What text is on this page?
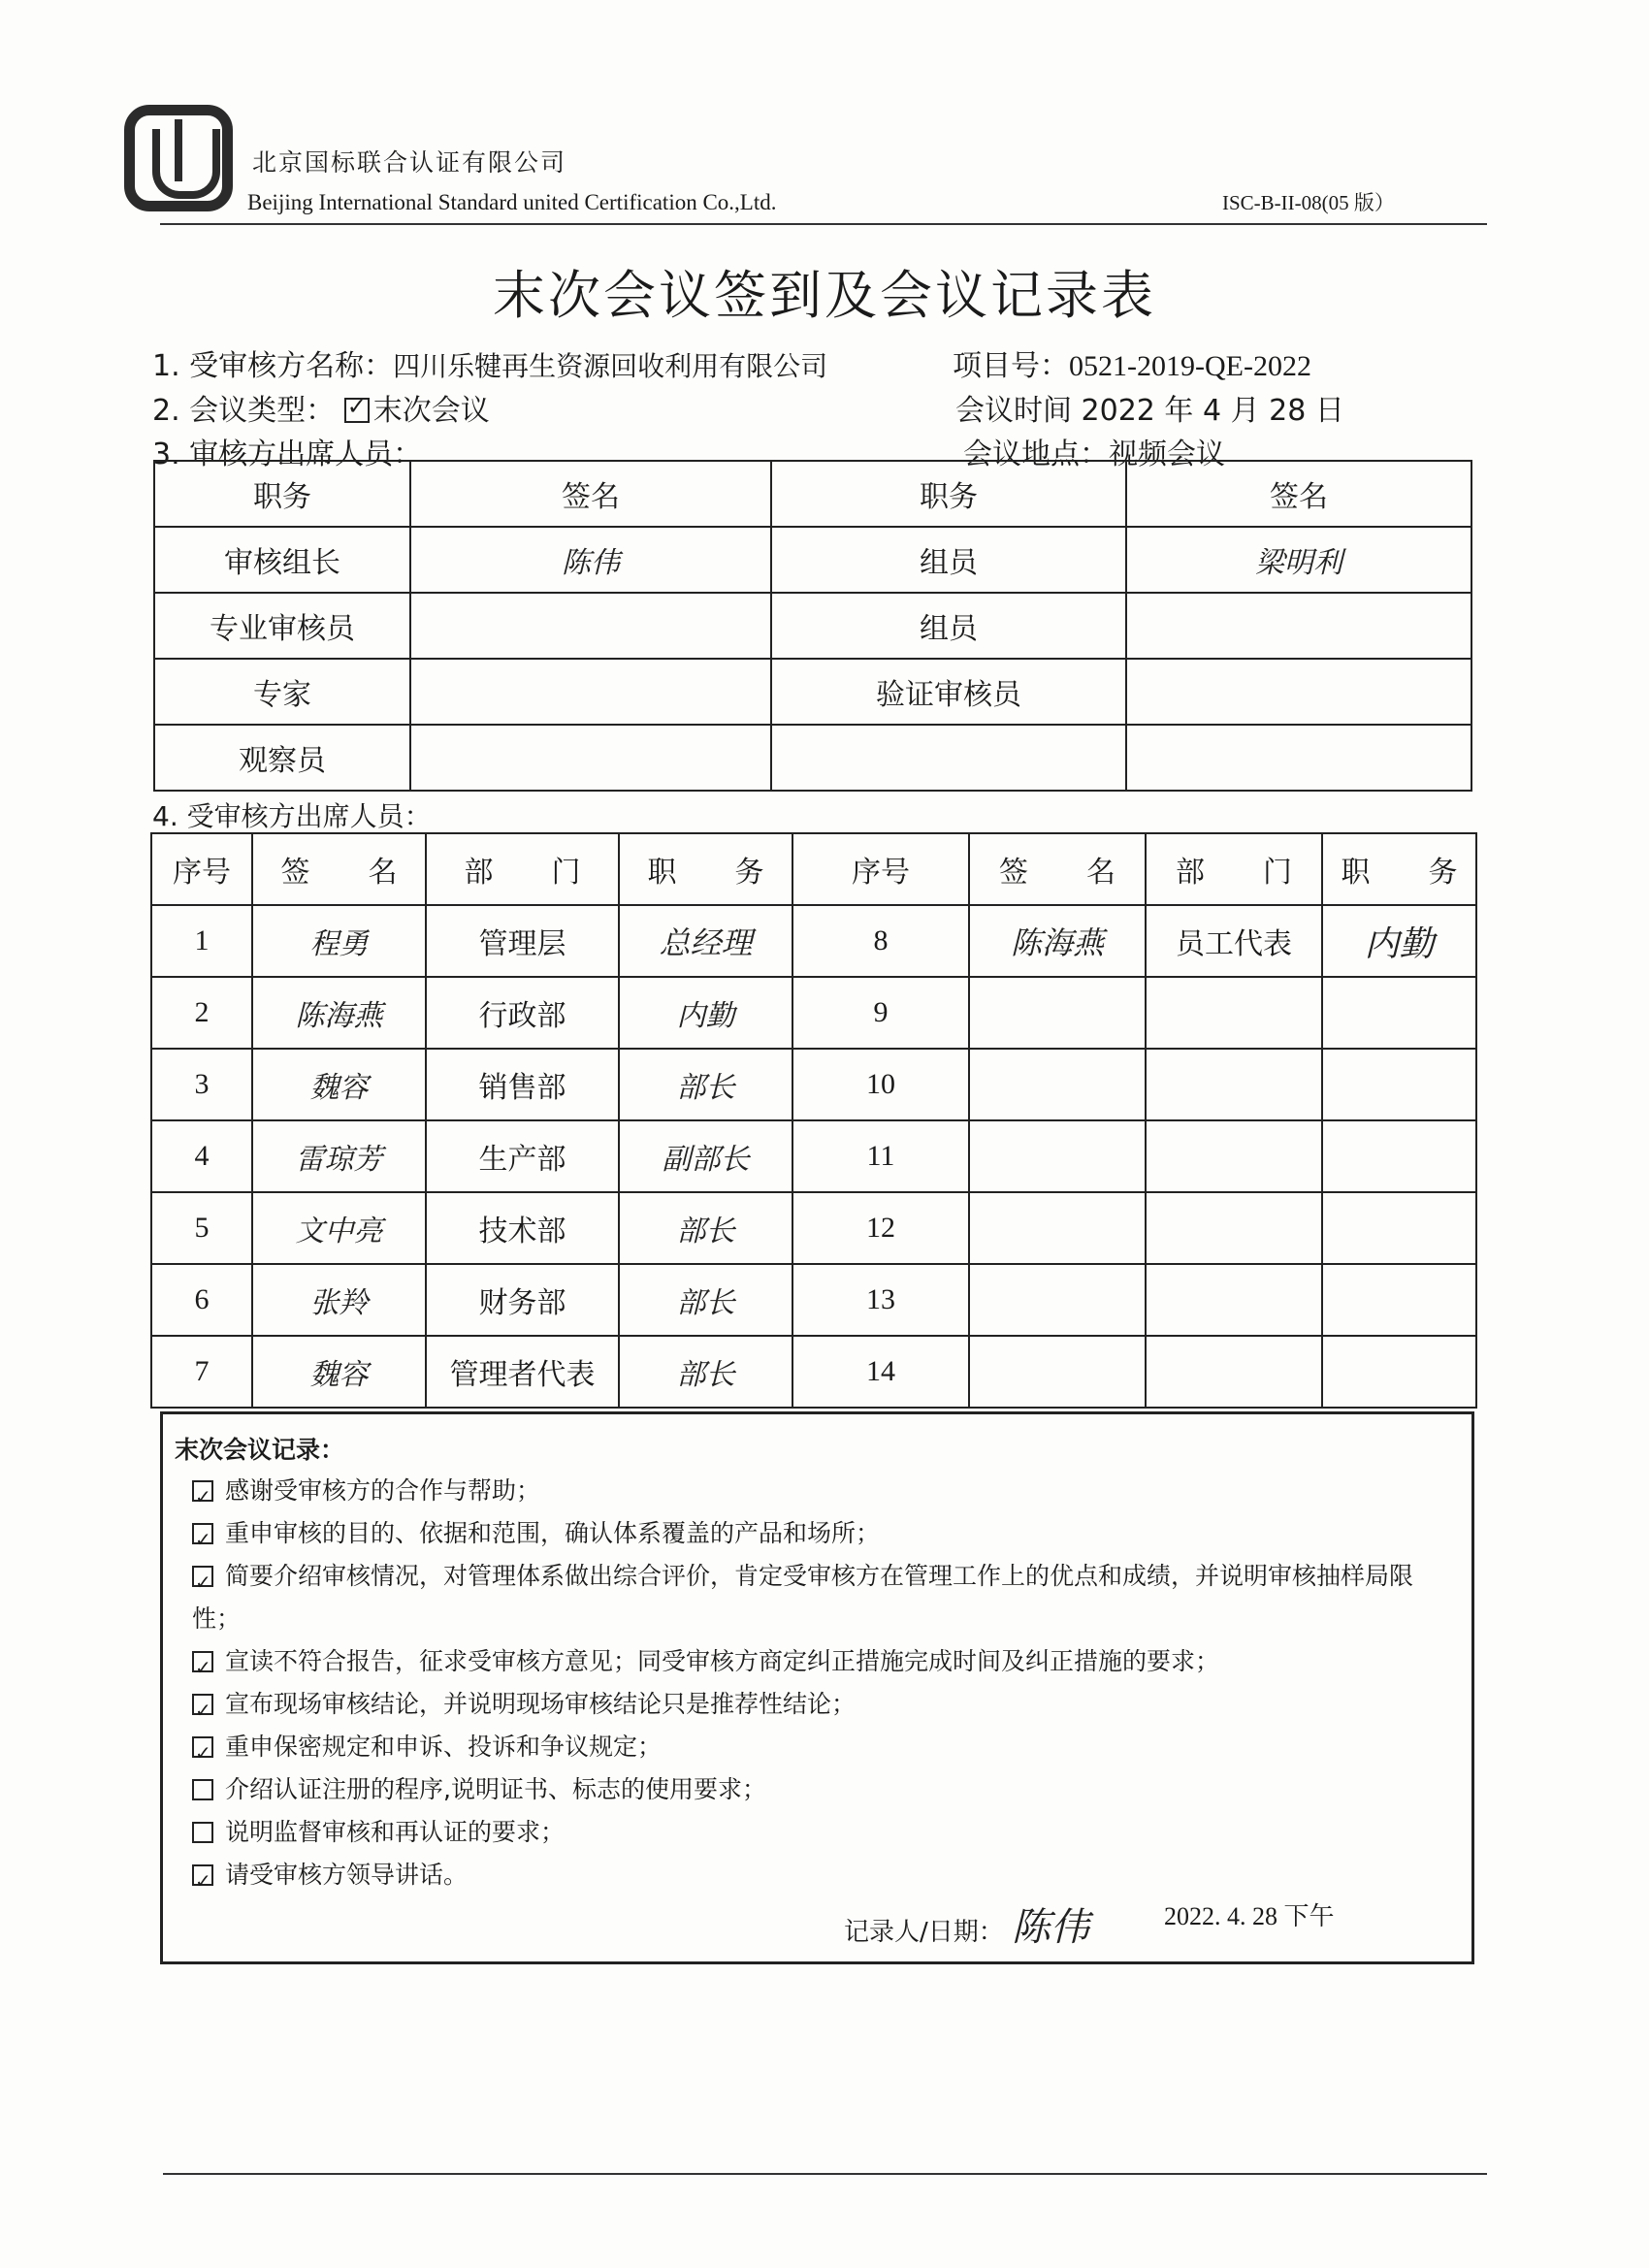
北京国标联合认证有限公司
Beijing International Standard united Certification Co.,Ltd.	ISC-B-II-08(05 版）
末次会议签到及会议记录表
1. 受审核方名称：四川乐犍再生资源回收利用有限公司	项目号：0521-2019-QE-2022
2. 会议类型： ✓ 末次会议	会议时间 2022 年 4 月 28 日
3. 审核方出席人员：	会议地点：视频会议
职务	签名	职务	签名
审核组长	陈伟	组员	梁明利
专业审核员		组员	
专家		验证审核员	
观察员			
4. 受审核方出席人员：
序号	签　　名	部　　门	职　　务	序号	签　　名	部　　门	职　　务
1	程勇	管理层	总经理	8	陈海燕	员工代表	内勤
2	陈海燕	行政部	内勤	9			
3	魏容	销售部	部长	10			
4	雷琼芳	生产部	副部长	11			
5	文中亮	技术部	部长	12			
6	张羚	财务部	部长	13			
7	魏容	管理者代表	部长	14			
末次会议记录：
✓感谢受审核方的合作与帮助；
✓重申审核的目的、依据和范围，确认体系覆盖的产品和场所；
✓简要介绍审核情况，对管理体系做出综合评价，肯定受审核方在管理工作上的优点和成绩，并说明审核抽样局限性；
✓宣读不符合报告，征求受审核方意见；同受审核方商定纠正措施完成时间及纠正措施的要求；
✓宣布现场审核结论，并说明现场审核结论只是推荐性结论；
✓重申保密规定和申诉、投诉和争议规定；
介绍认证注册的程序,说明证书、标志的使用要求；
说明监督审核和再认证的要求；
✓请受审核方领导讲话。
记录人/日期： 陈伟	2022. 4. 28 下午
